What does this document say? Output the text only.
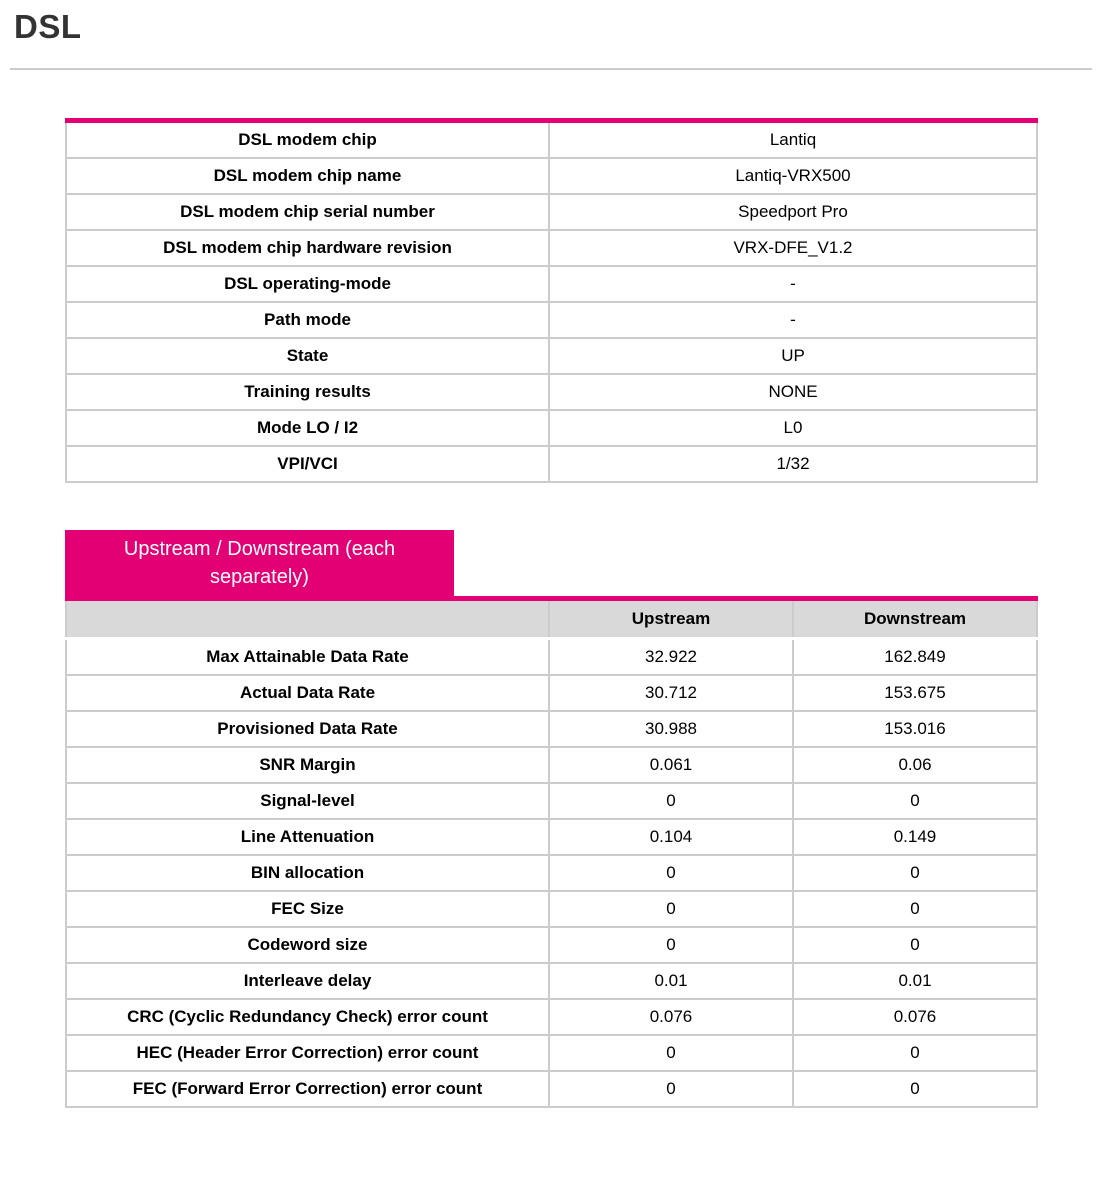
DSL
DSL modem chip	Lantiq
DSL modem chip name	Lantiq-VRX500
DSL modem chip serial number	Speedport Pro
DSL modem chip hardware revision	VRX-DFE_V1.2
DSL operating-mode	-
Path mode	-
State	UP
Training results	NONE
Mode LO / I2	L0
VPI/VCI	1/32
Upstream / Downstream (each separately)
	Upstream	Downstream
Max Attainable Data Rate	32.922	162.849
Actual Data Rate	30.712	153.675
Provisioned Data Rate	30.988	153.016
SNR Margin	0.061	0.06
Signal-level	0	0
Line Attenuation	0.104	0.149
BIN allocation	0	0
FEC Size	0	0
Codeword size	0	0
Interleave delay	0.01	0.01
CRC (Cyclic Redundancy Check) error count	0.076	0.076
HEC (Header Error Correction) error count	0	0
FEC (Forward Error Correction) error count	0	0
